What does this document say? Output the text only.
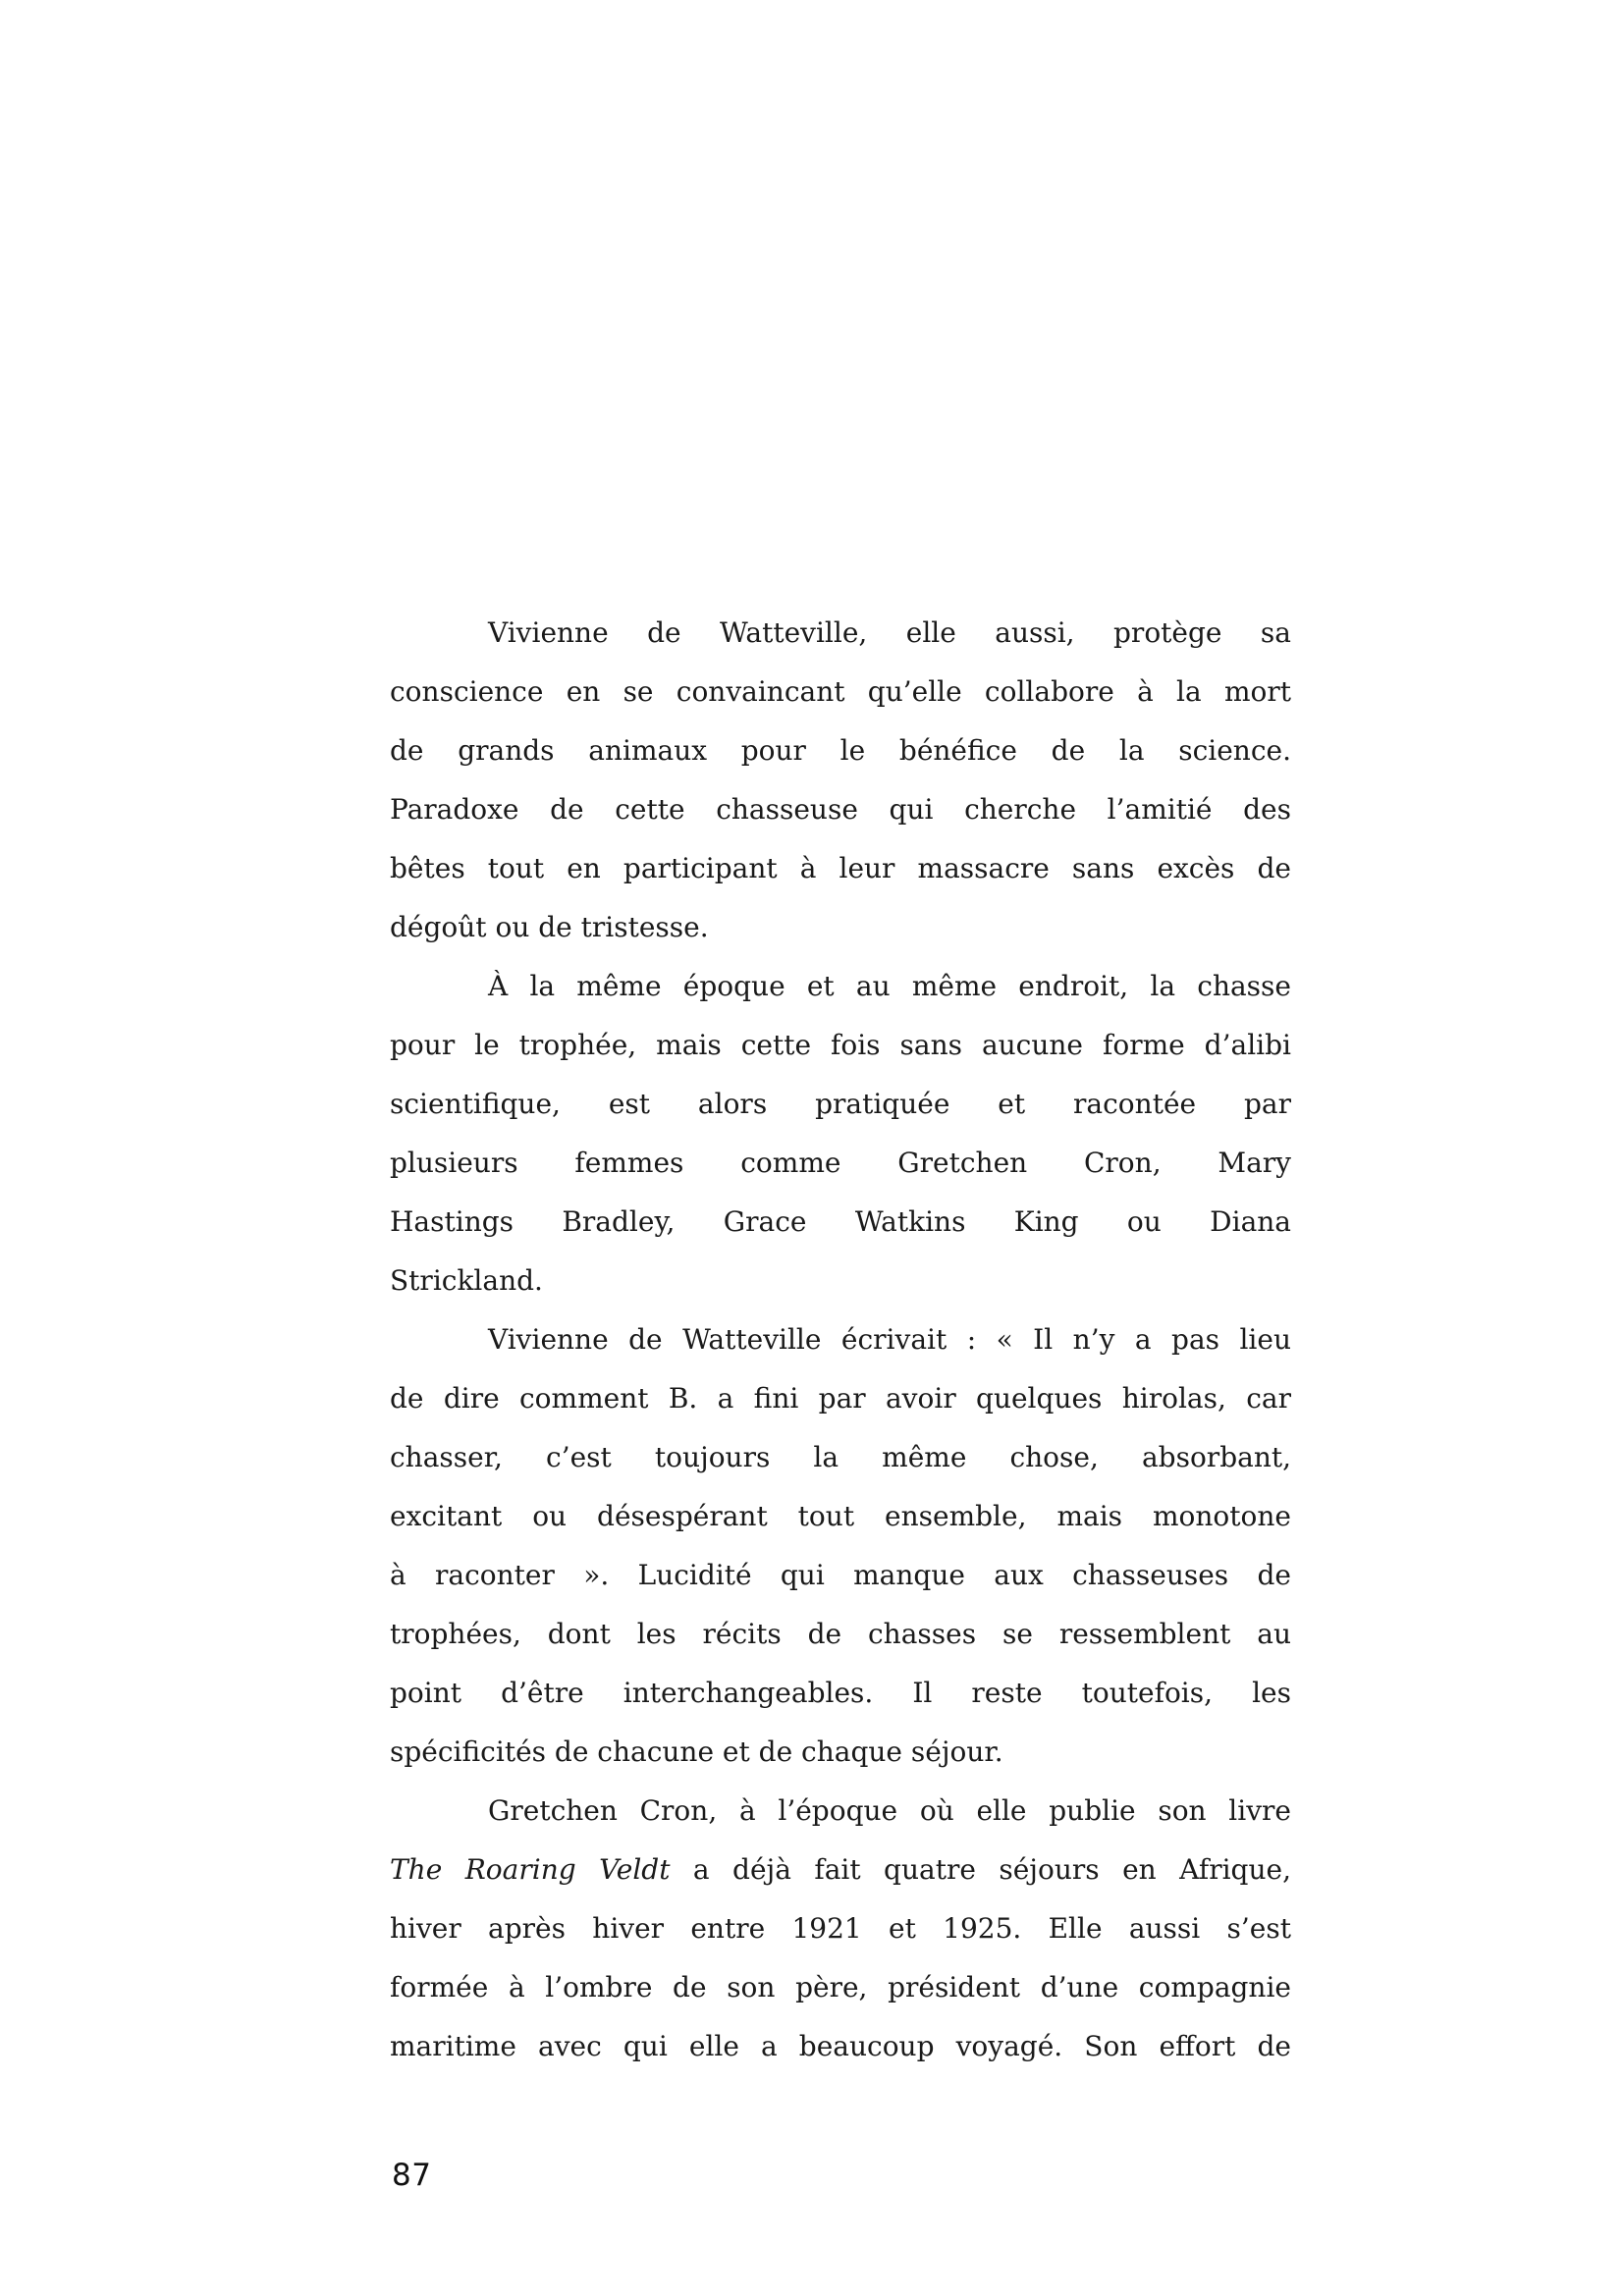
Vivienne de Watteville, elle aussi, protège sa
conscience en se convaincant qu’elle collabore à la mort
de grands animaux pour le bénéfice de la science.
Paradoxe de cette chasseuse qui cherche l’amitié des
bêtes tout en participant à leur massacre sans excès de
dégoût ou de tristesse.
À la même époque et au même endroit, la chasse
pour le trophée, mais cette fois sans aucune forme d’alibi
scientifique, est alors pratiquée et racontée par
plusieurs femmes comme Gretchen Cron, Mary
Hastings Bradley, Grace Watkins King ou Diana
Strickland.
Vivienne de Watteville écrivait : « Il n’y a pas lieu
de dire comment B. a fini par avoir quelques hirolas, car
chasser, c’est toujours la même chose, absorbant,
excitant ou désespérant tout ensemble, mais monotone
à raconter ». Lucidité qui manque aux chasseuses de
trophées, dont les récits de chasses se ressemblent au
point d’être interchangeables. Il reste toutefois, les
spécificités de chacune et de chaque séjour.
Gretchen Cron, à l’époque où elle publie son livre
The Roaring Veldt a déjà fait quatre séjours en Afrique,
hiver après hiver entre 1921 et 1925. Elle aussi s’est
formée à l’ombre de son père, président d’une compagnie
maritime avec qui elle a beaucoup voyagé. Son effort de
87
